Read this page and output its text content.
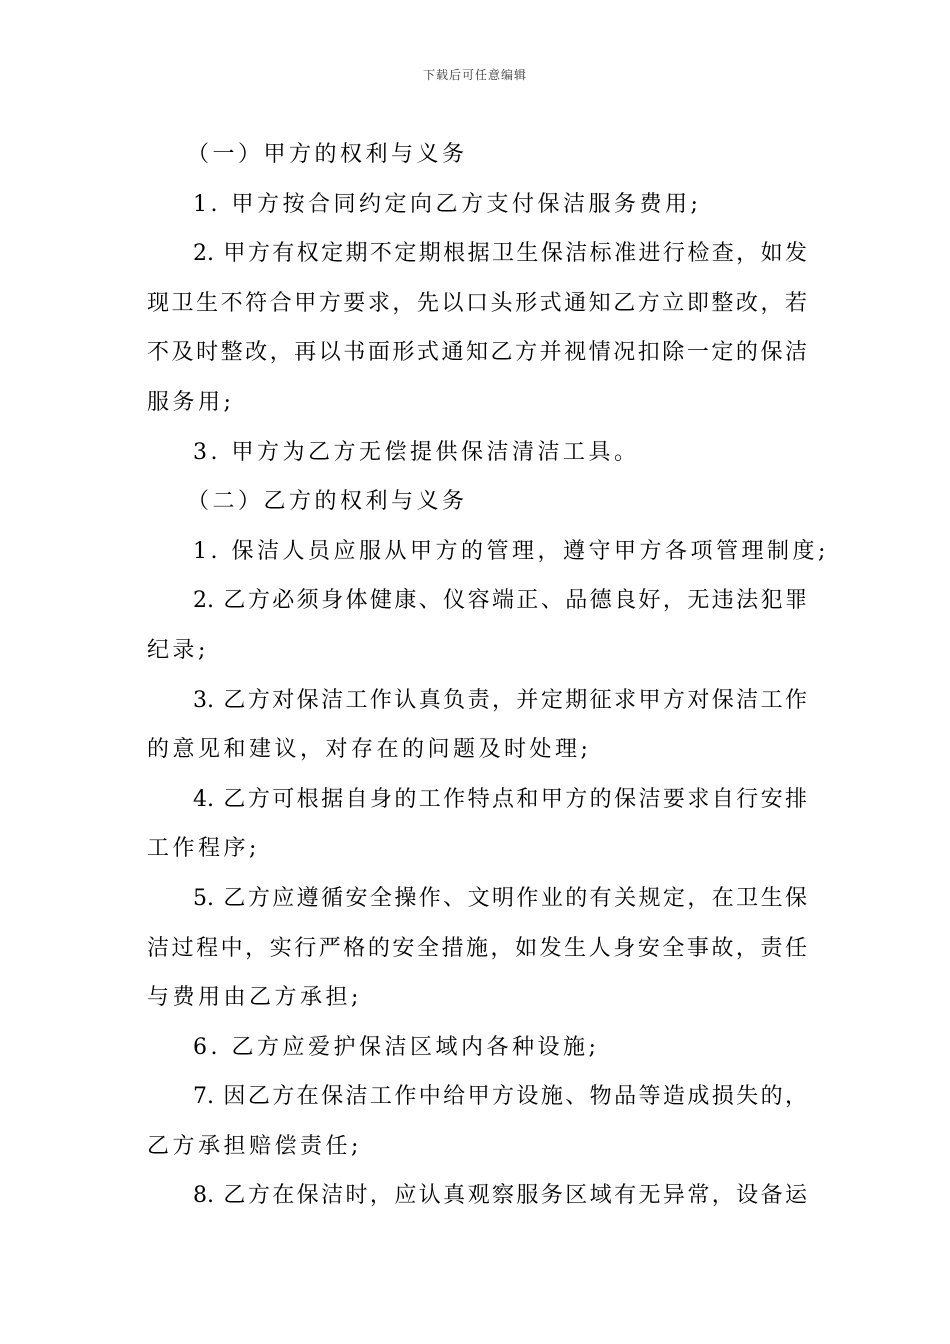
下载后可任意编辑
（一）甲方的权利与义务
1. 甲方按合同约定向乙方支付保洁服务费用;
2. 甲方有权定期不定期根据卫生保洁标准进行检查，如发
现卫生不符合甲方要求，先以口头形式通知乙方立即整改，若
不及时整改，再以书面形式通知乙方并视情况扣除一定的保洁
服务用;
3. 甲方为乙方无偿提供保洁清洁工具。
（二）乙方的权利与义务
1. 保洁人员应服从甲方的管理，遵守甲方各项管理制度;
2. 乙方必须身体健康、仪容端正、品德良好，无违法犯罪
纪录;
3. 乙方对保洁工作认真负责，并定期征求甲方对保洁工作
的意见和建议，对存在的问题及时处理;
4. 乙方可根据自身的工作特点和甲方的保洁要求自行安排
工作程序;
5. 乙方应遵循安全操作、文明作业的有关规定，在卫生保
洁过程中，实行严格的安全措施，如发生人身安全事故，责任
与费用由乙方承担;
6. 乙方应爱护保洁区域内各种设施;
7. 因乙方在保洁工作中给甲方设施、物品等造成损失的，
乙方承担赔偿责任;
8. 乙方在保洁时，应认真观察服务区域有无异常，设备运
